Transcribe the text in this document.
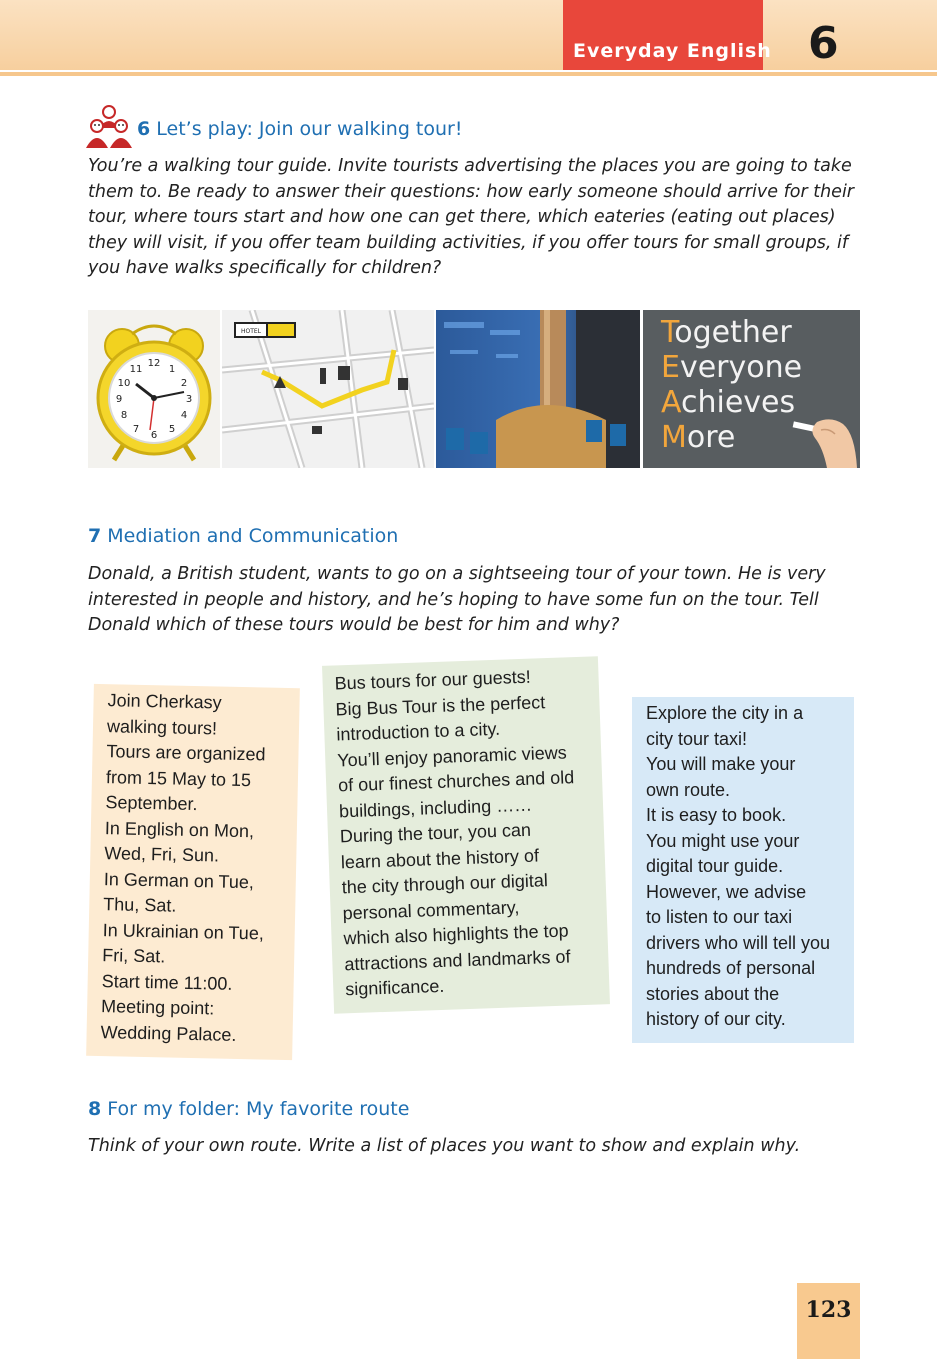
Everyday English 6
6 Let’s play: Join our walking tour!
You’re a walking tour guide. Invite tourists advertising the places you are going to take
them to. Be ready to answer their questions: how early someone should arrive for their
tour, where tours start and how one can get there, which eateries (eating out places)
they will visit, if you offer team building activities, if you offer tours for small groups, if
you have walks specifically for children?
12
1
2
3
4
5
6
7
8
9
10
11
HOTEL	Together
Everyone
Achieves
More
7 Mediation and Communication
Donald, a British student, wants to go on a sightseeing tour of your town. He is very
interested in people and history, and he’s hoping to have some fun on the tour. Tell
Donald which of these tours would be best for him and why?
Join Cherkasy
walking tours!
Tours are organized
from 15 May to 15
September.
In English on Mon,
Wed, Fri, Sun.
In German on Tue,
Thu, Sat.
In Ukrainian on Tue,
Fri, Sat.
Start time 11:00.
Meeting point:
Wedding Palace.
Bus tours for our guests!
Big Bus Tour is the perfect
introduction to a city.
You’ll enjoy panoramic views
of our finest churches and old
buildings, including ……
During the tour, you can
learn about the history of
the city through our digital
personal commentary,
which also highlights the top
attractions and landmarks of
significance.
Explore the city in a
city tour taxi!
You will make your
own route.
It is easy to book.
You might use your
digital tour guide.
However, we advise
to listen to our taxi
drivers who will tell you
hundreds of personal
stories about the
history of our city.
8 For my folder: My favorite route
Think of your own route. Write a list of places you want to show and explain why.
123
